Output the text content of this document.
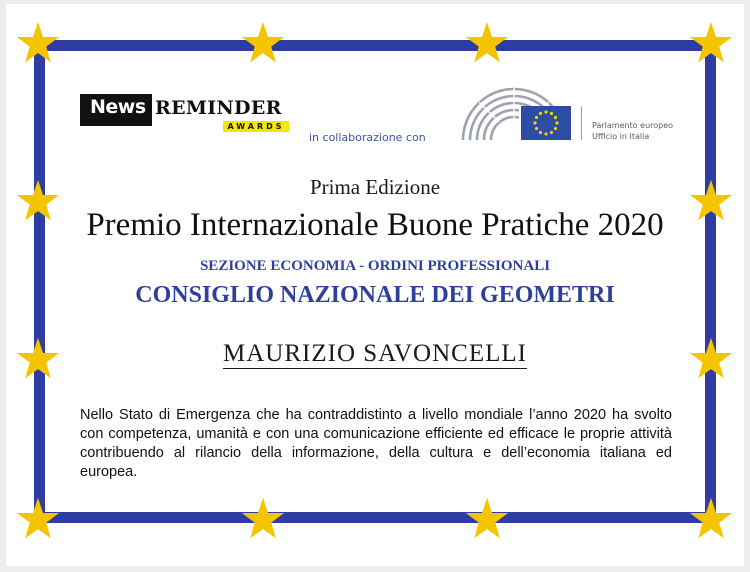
News REMINDER
AWARDS
in collaborazione con
Parlamento europeo
Ufficio in Italia
Prima Edizione
Premio Internazionale Buone Pratiche 2020
SEZIONE ECONOMIA - ORDINI PROFESSIONALI
CONSIGLIO NAZIONALE DEI GEOMETRI
MAURIZIO SAVONCELLI
Nello Stato di Emergenza che ha contraddistinto a livello mondiale l’anno 2020 ha svolto con competenza, umanità e con una comunicazione efficiente ed efficace le proprie attività contribuendo al rilancio della informazione, della cultura e dell’economia italiana ed europea.
